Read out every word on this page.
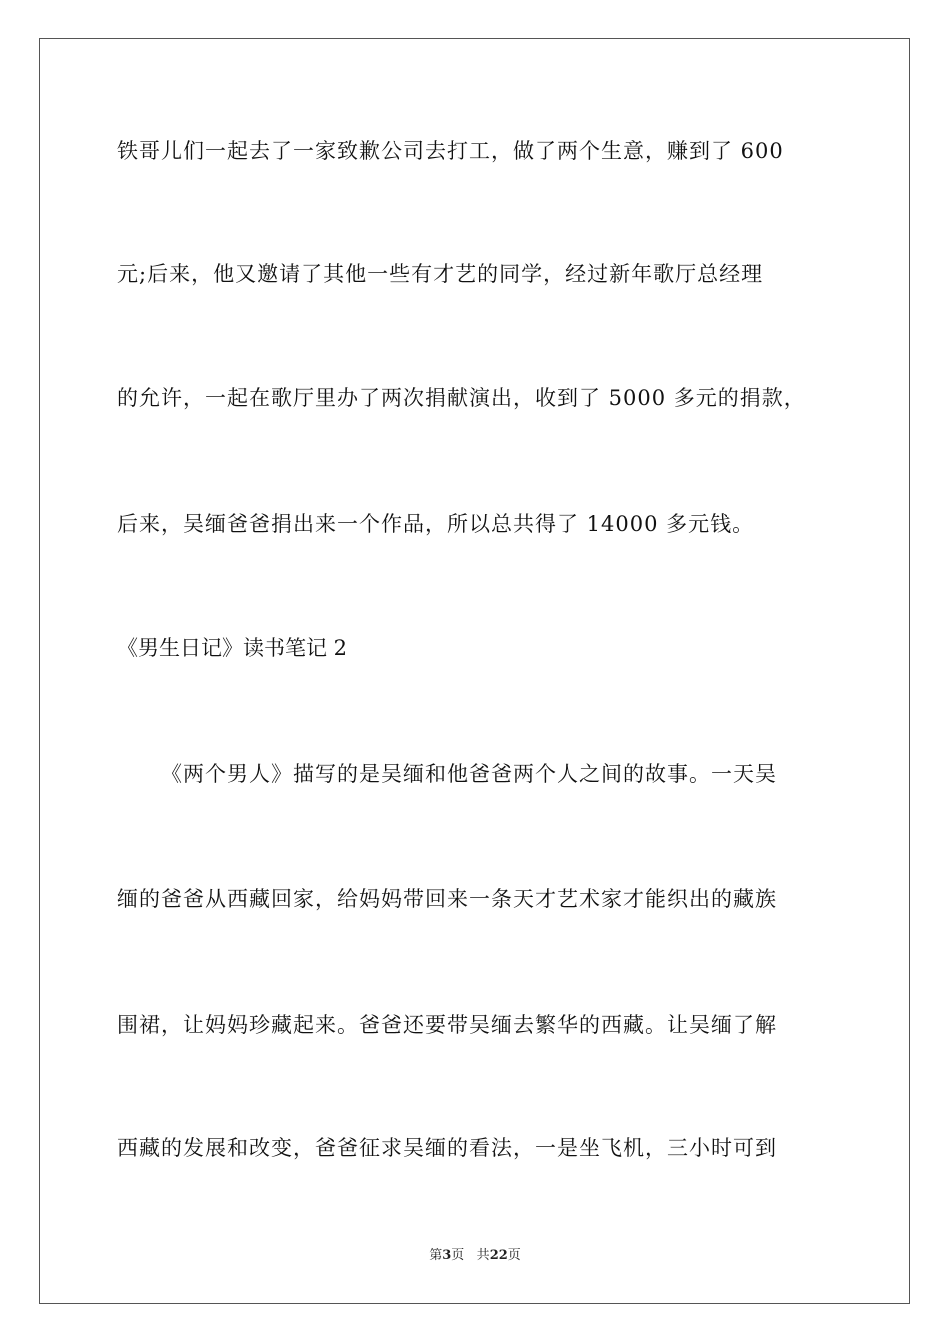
铁哥儿们一起去了一家致歉公司去打工，做了两个生意，赚到了 600

元;后来，他又邀请了其他一些有才艺的同学，经过新年歌厅总经理

的允许，一起在歌厅里办了两次捐献演出，收到了 5000 多元的捐款，

后来，吴缅爸爸捐出来一个作品，所以总共得了 14000 多元钱。

《男生日记》读书笔记 2

《两个男人》描写的是吴缅和他爸爸两个人之间的故事。一天吴

缅的爸爸从西藏回家，给妈妈带回来一条天才艺术家才能织出的藏族

围裙，让妈妈珍藏起来。爸爸还要带吴缅去繁华的西藏。让吴缅了解

西藏的发展和改变，爸爸征求吴缅的看法，一是坐飞机，三小时可到

第3页 共22页
